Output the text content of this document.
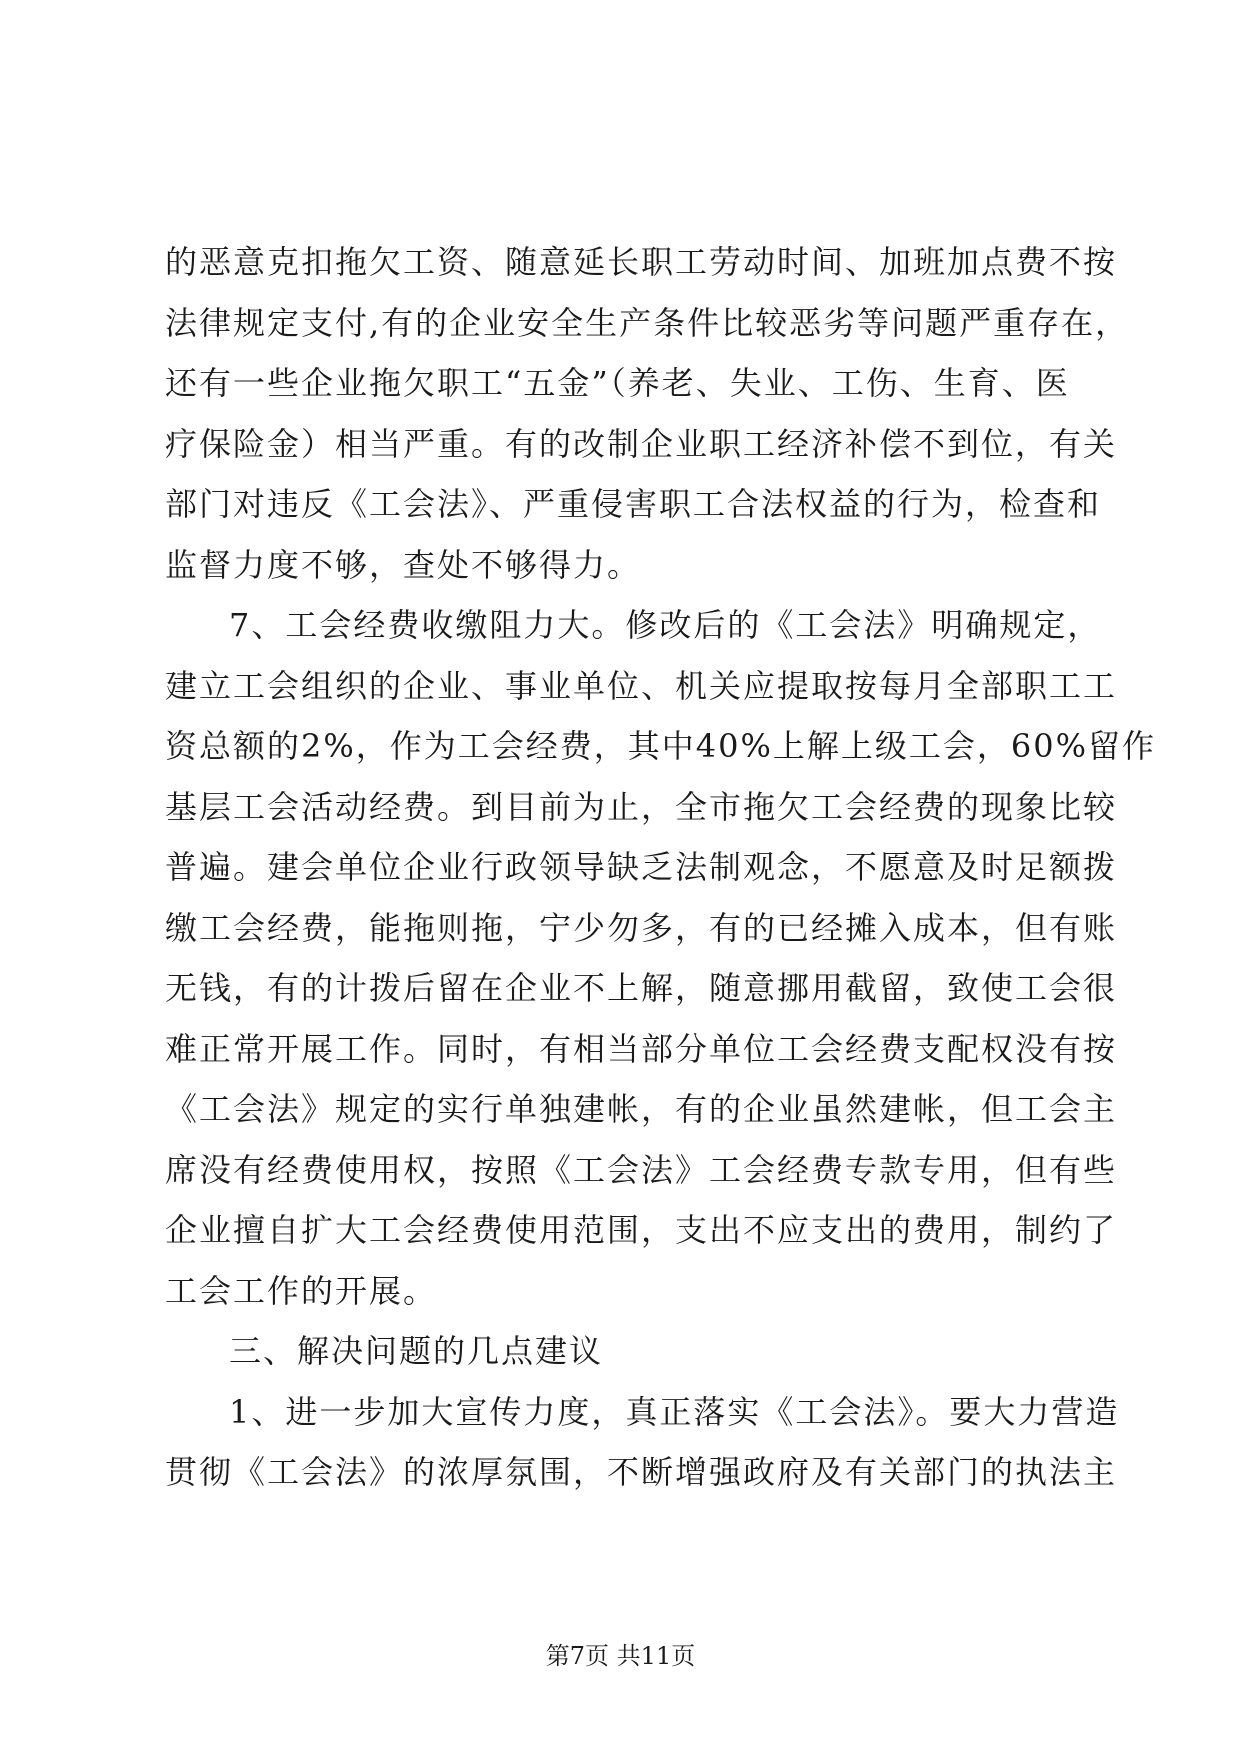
的恶意克扣拖欠工资、随意延长职工劳动时间、加班加点费不按
法律规定支付,有的企业安全生产条件比较恶劣等问题严重存在，
还有一些企业拖欠职工“五金”（养老、失业、工伤、生育、医
疗保险金）相当严重。有的改制企业职工经济补偿不到位，有关
部门对违反《工会法》、严重侵害职工合法权益的行为，检查和
监督力度不够，查处不够得力。
7、工会经费收缴阻力大。修改后的《工会法》明确规定，
建立工会组织的企业、事业单位、机关应提取按每月全部职工工
资总额的2%，作为工会经费，其中40%上解上级工会，60%留作
基层工会活动经费。到目前为止，全市拖欠工会经费的现象比较
普遍。建会单位企业行政领导缺乏法制观念，不愿意及时足额拨
缴工会经费，能拖则拖，宁少勿多，有的已经摊入成本，但有账
无钱，有的计拨后留在企业不上解，随意挪用截留，致使工会很
难正常开展工作。同时，有相当部分单位工会经费支配权没有按
《工会法》规定的实行单独建帐，有的企业虽然建帐，但工会主
席没有经费使用权，按照《工会法》工会经费专款专用，但有些
企业擅自扩大工会经费使用范围，支出不应支出的费用，制约了
工会工作的开展。
三、解决问题的几点建议
1、进一步加大宣传力度，真正落实《工会法》。要大力营造
贯彻《工会法》的浓厚氛围，不断增强政府及有关部门的执法主
第7页 共11页
